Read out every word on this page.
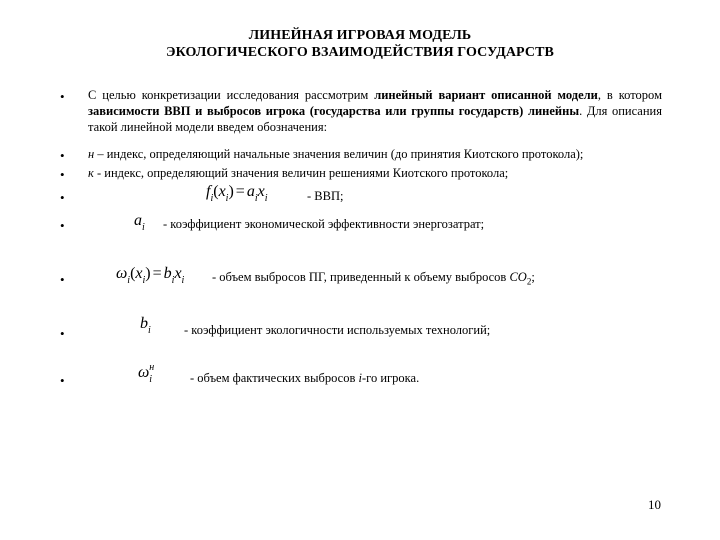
ЛИНЕЙНАЯ ИГРОВАЯ МОДЕЛЬ
ЭКОЛОГИЧЕСКОГО ВЗАИМОДЕЙСТВИЯ ГОСУДАРСТВ
• С целью конкретизации исследования рассмотрим линейный вариант описанной модели, в котором зависимости ВВП и выбросов игрока (государства или группы государств) линейны. Для описания такой линейной модели введем обозначения:
• н – индекс, определяющий начальные значения величин (до принятия Киотского протокола);
• к - индекс, определяющий значения величин решениями Киотского протокола;
•	$f_i(x_i) = a_ix_i$	- ВВП;
•	$a_i$ - коэффициент экономической эффективности энергозатрат;
•	$\omega_i(x_i) = b_ix_i$ - объем выбросов ПГ, приведенный к объему выбросов $CO_2$;
•
$b_i$	- коэффициент экологичности используемых технологий;
•	$\omega^н_i$	- объем фактических выбросов i-го игрока.
10
